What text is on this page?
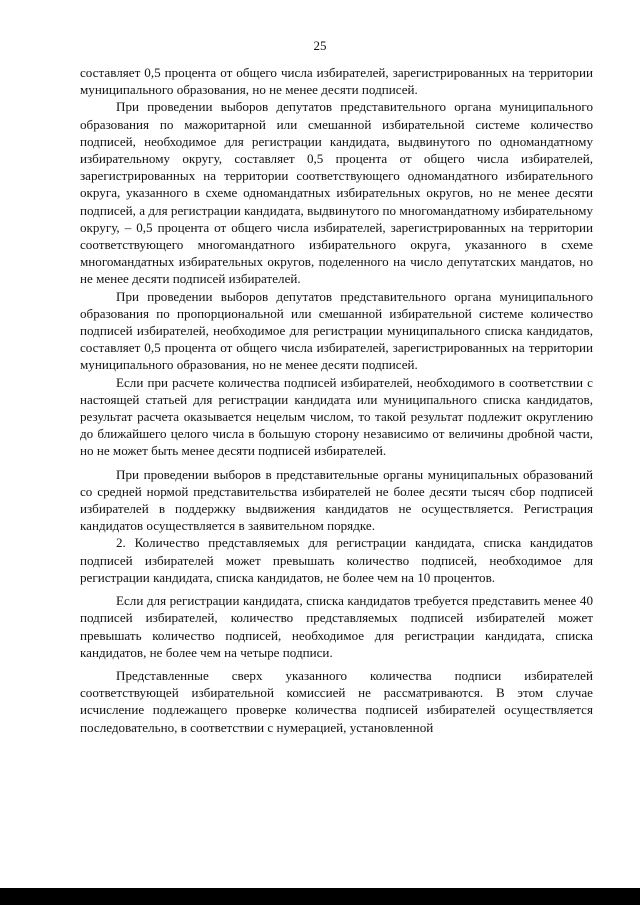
25

составляет 0,5 процента от общего числа избирателей, зарегистрированных на территории муниципального образования, но не менее десяти подписей.

При проведении выборов депутатов представительного органа муниципального образования по мажоритарной или смешанной избирательной системе количество подписей, необходимое для регистрации кандидата, выдвинутого по одномандатному избирательному округу, составляет 0,5 процента от общего числа избирателей, зарегистрированных на территории соответствующего одномандатного избирательного округа, указанного в схеме одномандатных избирательных округов, но не менее десяти подписей, а для регистрации кандидата, выдвинутого по многомандатному избирательному округу, – 0,5 процента от общего числа избирателей, зарегистрированных на территории соответствующего многомандатного избирательного округа, указанного в схеме многомандатных избирательных округов, поделенного на число депутатских мандатов, но не менее десяти подписей избирателей.

При проведении выборов депутатов представительного органа муниципального образования по пропорциональной или смешанной избирательной системе количество подписей избирателей, необходимое для регистрации муниципального списка кандидатов, составляет 0,5 процента от общего числа избирателей, зарегистрированных на территории муниципального образования, но не менее десяти подписей.

Если при расчете количества подписей избирателей, необходимого в соответствии с настоящей статьей для регистрации кандидата или муниципального списка кандидатов, результат расчета оказывается нецелым числом, то такой результат подлежит округлению до ближайшего целого числа в большую сторону независимо от величины дробной части, но не может быть менее десяти подписей избирателей.

При проведении выборов в представительные органы муниципальных образований со средней нормой представительства избирателей не более десяти тысяч сбор подписей избирателей в поддержку выдвижения кандидатов не осуществляется. Регистрация кандидатов осуществляется в заявительном порядке.

2. Количество представляемых для регистрации кандидата, списка кандидатов подписей избирателей может превышать количество подписей, необходимое для регистрации кандидата, списка кандидатов, не более чем на 10 процентов.

Если для регистрации кандидата, списка кандидатов требуется представить менее 40 подписей избирателей, количество представляемых подписей избирателей может превышать количество подписей, необходимое для регистрации кандидата, списка кандидатов, не более чем на четыре подписи.

Представленные сверх указанного количества подписи избирателей соответствующей избирательной комиссией не рассматриваются. В этом случае исчисление подлежащего проверке количества подписей избирателей осуществляется последовательно, в соответствии с нумерацией, установленной
